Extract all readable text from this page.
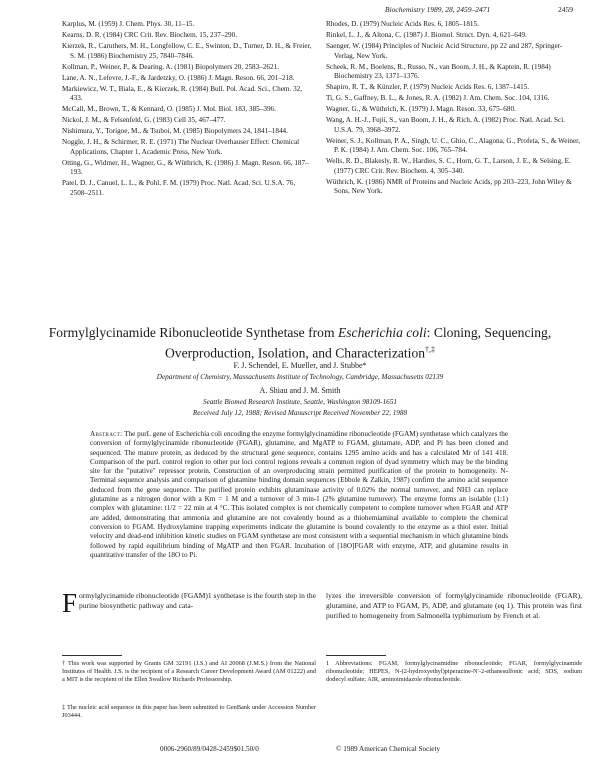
Biochemistry 1989, 28, 2459–2471	2459

Karplus, M. (1959) J. Chem. Phys. 30, 11–15.

Kearns, D. R. (1984) CRC Crit. Rev. Biochem. 15, 237–290.

Kierzek, R., Caruthers, M. H., Longfellow, C. E., Swinton, D., Turner, D. H., & Freier, S. M. (1986) Biochemistry 25, 7840–7846.

Kollman, P., Weiner, P., & Dearing, A. (1981) Biopolymers 20, 2583–2621.

Lane, A. N., Lefevre, J.-F., & Jardetzky, O. (1986) J. Magn. Reson. 66, 201–218.

Markiewicz, W. T., Biala, E., & Kierzek, R. (1984) Bull. Pol. Acad. Sci., Chem. 32, 433.

McCall, M., Brown, T., & Kennard, O. (1985) J. Mol. Biol. 183, 385–396.

Nickol, J. M., & Felsenfeld, G. (1983) Cell 35, 467–477.

Nishimura, Y., Torigoe, M., & Tsuboi, M. (1985) Biopolymers 24, 1841–1844.

Noggle, J. H., & Schirmer, R. E. (1971) The Nuclear Overhauser Effect: Chemical Applications, Chapter 1, Academic Press, New York.

Otting, G., Widmer, H., Wagner, G., & Wüthrich, K. (1986) J. Magn. Reson. 66, 187–193.

Patel, D. J., Canuel, L. L., & Pohl, F. M. (1979) Proc. Natl. Acad. Sci. U.S.A. 76, 2508–2511.

Rhodes, D. (1979) Nucleic Acids Res. 6, 1805–1815.

Rinkel, L. J., & Altona, C. (1987) J. Biomol. Struct. Dyn. 4, 621–649.

Saenger, W. (1984) Principles of Nucleic Acid Structure, pp 22 and 287, Springer-Verlag, New York.

Scheek, R. M., Boelens, R., Russo, N., van Boom, J. H., & Kaptein, R. (1984) Biochemistry 23, 1371–1376.

Shapiro, R. T., & Künzler, P. (1979) Nucleic Acids Res. 6, 1387–1415.

Ti, G. S., Gaffney, B. L., & Jones, R. A. (1982) J. Am. Chem. Soc. 104, 1316.

Wagner, G., & Wüthrich, K. (1979) J. Magn. Reson. 33, 675–680.

Wang, A. H.-J., Fujii, S., van Boom, J. H., & Rich, A. (1982) Proc. Natl. Acad. Sci. U.S.A. 79, 3968–3972.

Weiner, S. J., Kollman, P. A., Singh, U. C., Ghio, C., Alagona, G., Profeta, S., & Weiner, P. K. (1984) J. Am. Chem. Soc. 106, 765–784.

Wells, R. D., Blakesly, R. W., Hardies, S. C., Horn, G. T., Larson, J. E., & Selsing, E. (1977) CRC Crit. Rev. Biochem. 4, 305–340.

Wüthrich, K. (1986) NMR of Proteins and Nucleic Acids, pp 203–223, John Wiley & Sons, New York.

Formylglycinamide Ribonucleotide Synthetase from Escherichia coli: Cloning, Sequencing, Overproduction, Isolation, and Characterization†,‡
F. J. Schendel, E. Mueller, and J. Stubbe*
Department of Chemistry, Massachusetts Institute of Technology, Cambridge, Massachusetts 02139
A. Shiau and J. M. Smith
Seattle Biomed Research Institute, Seattle, Washington 98109-1651
Received July 12, 1988; Revised Manuscript Received November 22, 1988

Abstract: The purL gene of Escherichia coli encoding the enzyme formylglycinamidine ribonucleotide (FGAM) synthetase which catalyzes the conversion of formylglycinamide ribonucleotide (FGAR), glutamine, and MgATP to FGAM, glutamate, ADP, and Pi has been cloned and sequenced. The mature protein, as deduced by the structural gene sequence, contains 1295 amino acids and has a calculated Mr of 141 418. Comparison of the purL control region to other pur loci control regions reveals a common region of dyad symmetry which may be the binding site for the "putative" repressor protein. Construction of an overproducing strain permitted purification of the protein to homogeneity. N-Terminal sequence analysis and comparison of glutamine binding domain sequences (Ebbole & Zalkin, 1987) confirm the amino acid sequence deduced from the gene sequence. The purified protein exhibits glutaminase activity of 0.02% the normal turnover, and NH3 can replace glutamine as a nitrogen donor with a Km = 1 M and a turnover of 3 min-1 (2% glutamine turnover). The enzyme forms an isolable (1:1) complex with glutamine: t1/2 = 22 min at 4 °C. This isolated complex is not chemically competent to complete turnover when FGAR and ATP are added, demonstrating that ammonia and glutamine are not covalently bound as a thiohemiaminal available to complete the chemical conversion to FGAM. Hydroxylamine trapping experiments indicate the glutamine is bound covalently to the enzyme as a thiol ester. Initial velocity and dead-end inhibition kinetic studies on FGAM synthetase are most consistent with a sequential mechanism in which glutamine binds followed by rapid equilibrium binding of MgATP and then FGAR. Incubation of [18O]FGAR with enzyme, ATP, and glutamine results in quantitative transfer of the 18O to Pi.

Formylglycinamide ribonucleotide (FGAM)1 synthetase is the fourth step in the purine biosynthetic pathway and cata-

lyzes the irreversible conversion of formylglycinamide ribonucleotide (FGAR), glutamine, and ATP to FGAM, Pi, ADP, and glutamate (eq 1). This protein was first purified to homogeneity from Salmonella typhimurium by French et al.

† This work was supported by Grants GM 32191 (J.S.) and AI 20068 (J.M.S.) from the National Institutes of Health. J.S. is the recipient of a Research Career Development Award (AM 01222) and a MIT is the recipient of the Ellen Swallow Richards Professorship.

‡ The nucleic acid sequence in this paper has been submitted to GenBank under Accession Number J03444.

1 Abbreviations: FGAM, formylglycinamidine ribonucleotide; FGAR, formylglycinamide ribonucleotide; HEPES, N-(2-hydroxyethyl)piperazine-N′-2-ethanesulfonic acid; SDS, sodium dodecyl sulfate; AIR, aminoimidazole ribonucleotide.

0006-2960/89/0428-2459$01.50/0	© 1989 American Chemical Society
